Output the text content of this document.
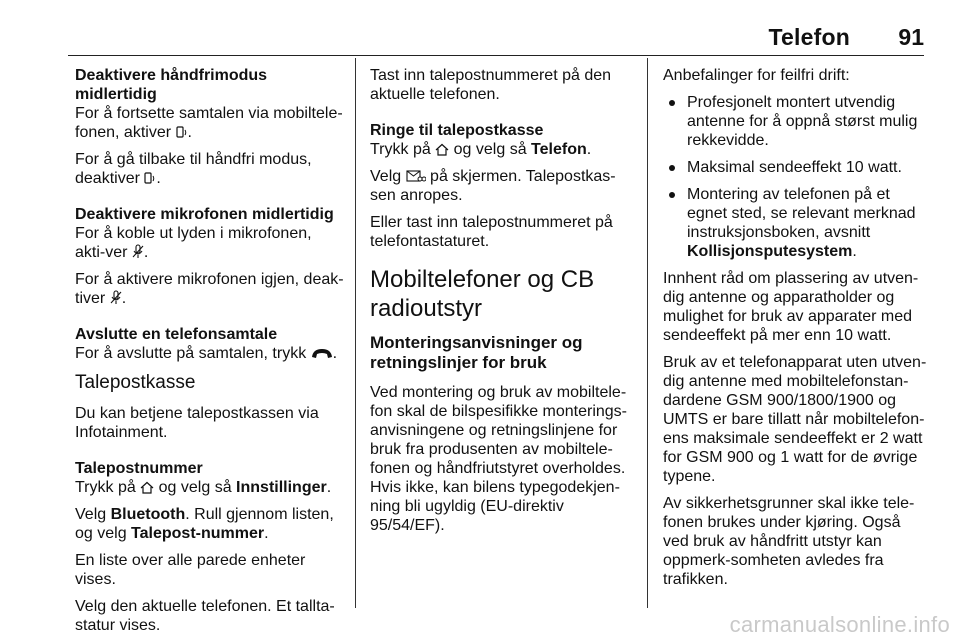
Telefon 91

Deaktivere håndfrimodus midlertidig

For å fortsette samtalen via mobiltele-fonen, aktiver .

For å gå tilbake til håndfri modus, deaktiver .

Deaktivere mikrofonen midlertidig

For å koble ut lyden i mikrofonen, akti-ver .

For å aktivere mikrofonen igjen, deak-tiver .

Avslutte en telefonsamtale

For å avslutte på samtalen, trykk .

Talepostkasse

Du kan betjene talepostkassen via Infotainment.

Talepostnummer

Trykk på og velg så Innstillinger.

Velg Bluetooth. Rull gjennom listen, og velg Talepost-nummer.

En liste over alle parede enheter vises.

Velg den aktuelle telefonen. Et tallta-statur vises.

Tast inn talepostnummeret på den aktuelle telefonen.

Ringe til talepostkasse

Trykk på og velg så Telefon.

Velg på skjermen. Talepostkas-sen anropes.

Eller tast inn talepostnummeret på telefontastaturet.

Mobiltelefoner og CB radioutstyr
Monteringsanvisninger og retningslinjer for bruk

Ved montering og bruk av mobiltele-fon skal de bilspesifikke monterings-anvisningene og retningslinjene for bruk fra produsenten av mobiltele-fonen og håndfriutstyret overholdes. Hvis ikke, kan bilens typegodekjen-ning bli ugyldig (EU-direktiv 95/54/EF).

Anbefalinger for feilfri drift:

Profesjonelt montert utvendig antenne for å oppnå størst mulig rekkevidde.
Maksimal sendeeffekt 10 watt.
Montering av telefonen på et egnet sted, se relevant merknad instruksjonsboken, avsnitt Kollisjonsputesystem.

Innhent råd om plassering av utven-dig antenne og apparatholder og mulighet for bruk av apparater med sendeeffekt på mer enn 10 watt.

Bruk av et telefonapparat uten utven-dig antenne med mobiltelefonstan-dardene GSM 900/1800/1900 og UMTS er bare tillatt når mobiltelefon-ens maksimale sendeeffekt er 2 watt for GSM 900 og 1 watt for de øvrige typene.

Av sikkerhetsgrunner skal ikke tele-fonen brukes under kjøring. Også ved bruk av håndfritt utstyr kan oppmerk-somheten avledes fra trafikken.

carmanualsonline.info
